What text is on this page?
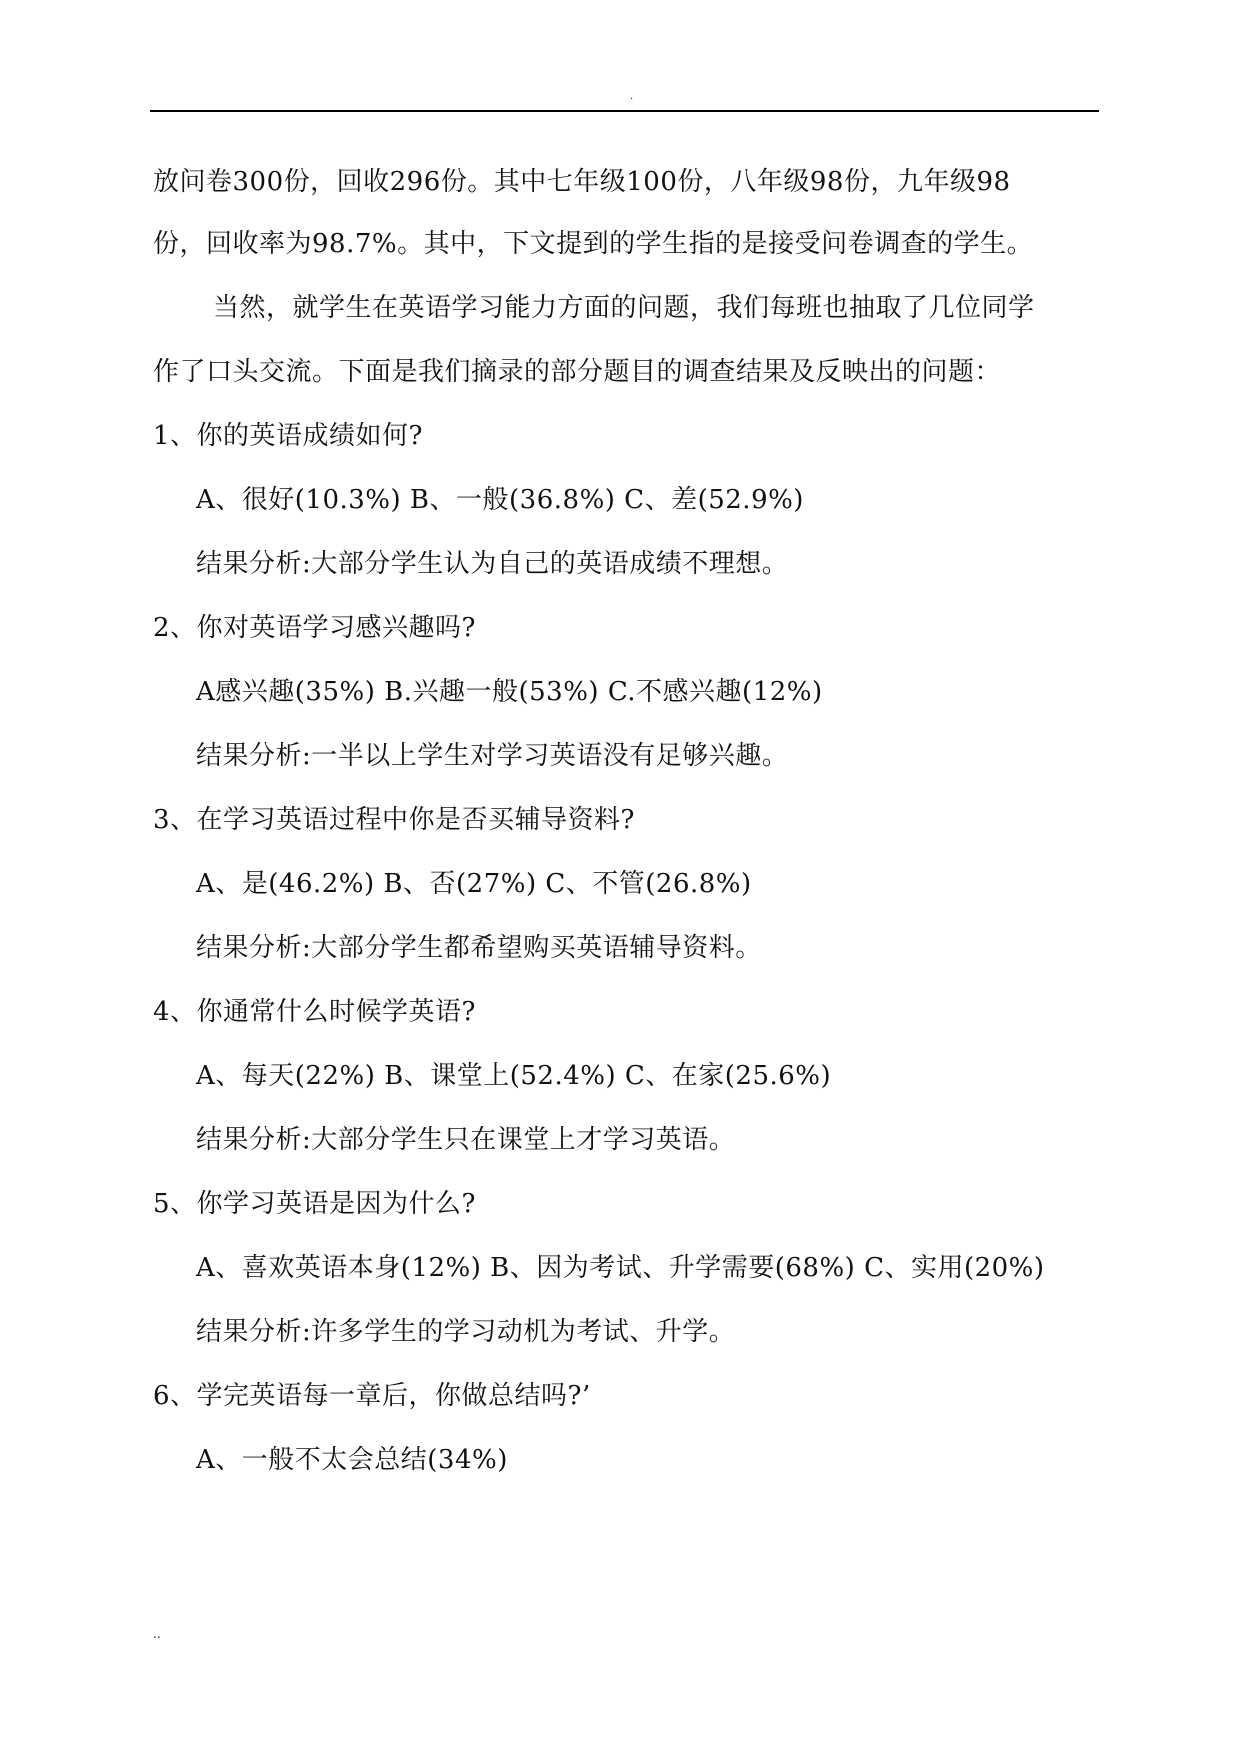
.
放问卷300份，回收296份。其中七年级100份，八年级98份，九年级98
份，回收率为98.7%。其中，下文提到的学生指的是接受问卷调查的学生。
当然，就学生在英语学习能力方面的问题，我们每班也抽取了几位同学
作了口头交流。下面是我们摘录的部分题目的调查结果及反映出的问题：
1、你的英语成绩如何?
A、很好(10.3%) B、一般(36.8%) C、差(52.9%)
结果分析:大部分学生认为自己的英语成绩不理想。
2、你对英语学习感兴趣吗?
A感兴趣(35%) B.兴趣一般(53%) C.不感兴趣(12%)
结果分析:一半以上学生对学习英语没有足够兴趣。
3、在学习英语过程中你是否买辅导资料?
A、是(46.2%) B、否(27%) C、不管(26.8%)
结果分析:大部分学生都希望购买英语辅导资料。
4、你通常什么时候学英语?
A、每天(22%) B、课堂上(52.4%) C、在家(25.6%)
结果分析:大部分学生只在课堂上才学习英语。
5、你学习英语是因为什么?
A、喜欢英语本身(12%) B、因为考试、升学需要(68%) C、实用(20%)
结果分析:许多学生的学习动机为考试、升学。
6、学完英语每一章后，你做总结吗?’
A、一般不太会总结(34%)
..
